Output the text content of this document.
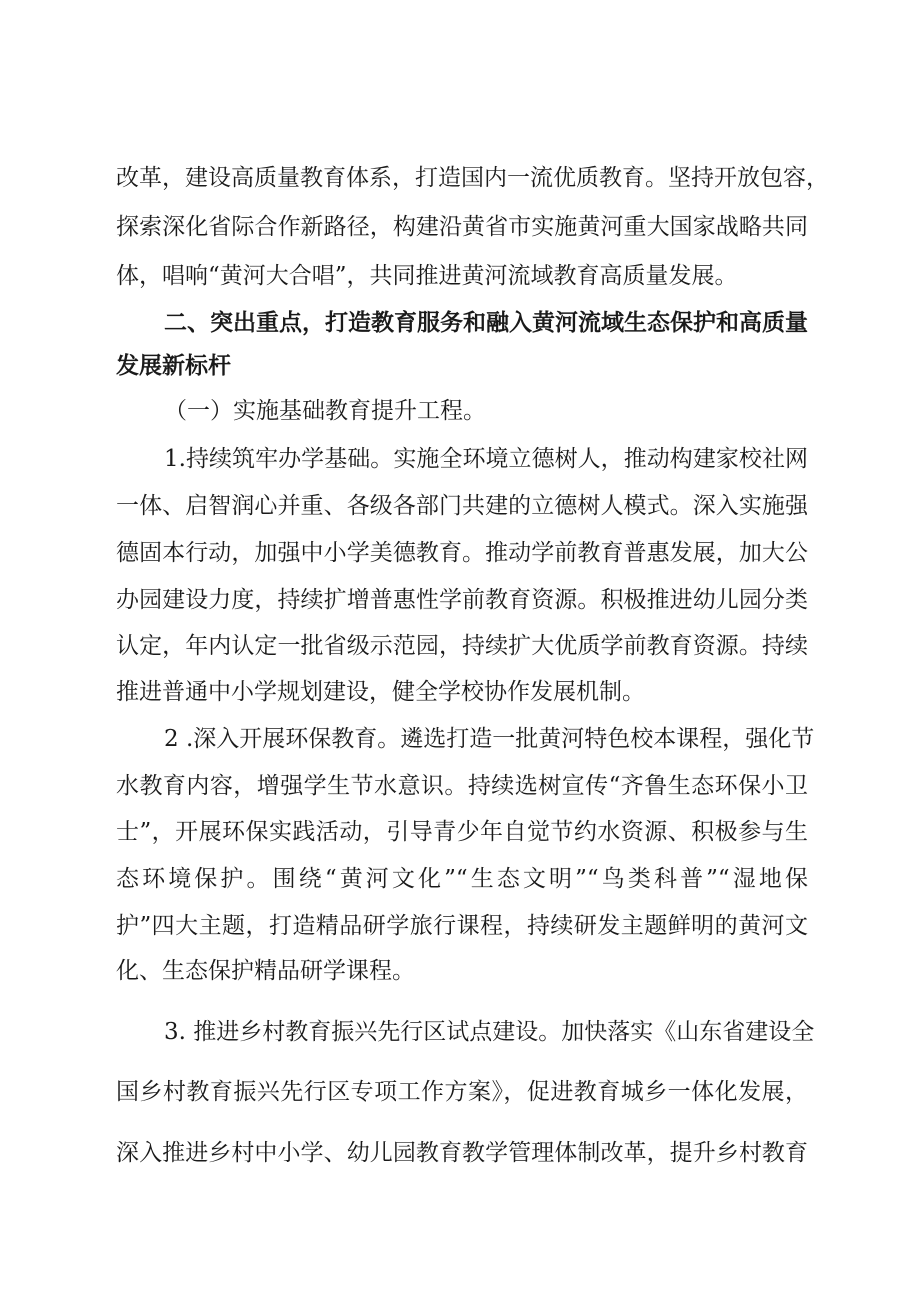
改革，建设高质量教育体系，打造国内一流优质教育。坚持开放包容，
探索深化省际合作新路径，构建沿黄省市实施黄河重大国家战略共同
体，唱响“黄河大合唱”，共同推进黄河流域教育高质量发展。
二、突出重点，打造教育服务和融入黄河流域生态保护和高质量
发展新标杆
（一）实施基础教育提升工程。
1.持续筑牢办学基础。实施全环境立德树人，推动构建家校社网
一体、启智润心并重、各级各部门共建的立德树人模式。深入实施强
德固本行动，加强中小学美德教育。推动学前教育普惠发展，加大公
办园建设力度，持续扩增普惠性学前教育资源。积极推进幼儿园分类
认定，年内认定一批省级示范园，持续扩大优质学前教育资源。持续
推进普通中小学规划建设，健全学校协作发展机制。
2 .深入开展环保教育。遴选打造一批黄河特色校本课程，强化节
水教育内容，增强学生节水意识。持续选树宣传“齐鲁生态环保小卫
士”，开展环保实践活动，引导青少年自觉节约水资源、积极参与生
态环境保护。围绕“黄河文化”“生态文明”“鸟类科普”“湿地保
护”四大主题，打造精品研学旅行课程，持续研发主题鲜明的黄河文
化、生态保护精品研学课程。
3. 推进乡村教育振兴先行区试点建设。加快落实《山东省建设全
国乡村教育振兴先行区专项工作方案》，促进教育城乡一体化发展，
深入推进乡村中小学、幼儿园教育教学管理体制改革，提升乡村教育
